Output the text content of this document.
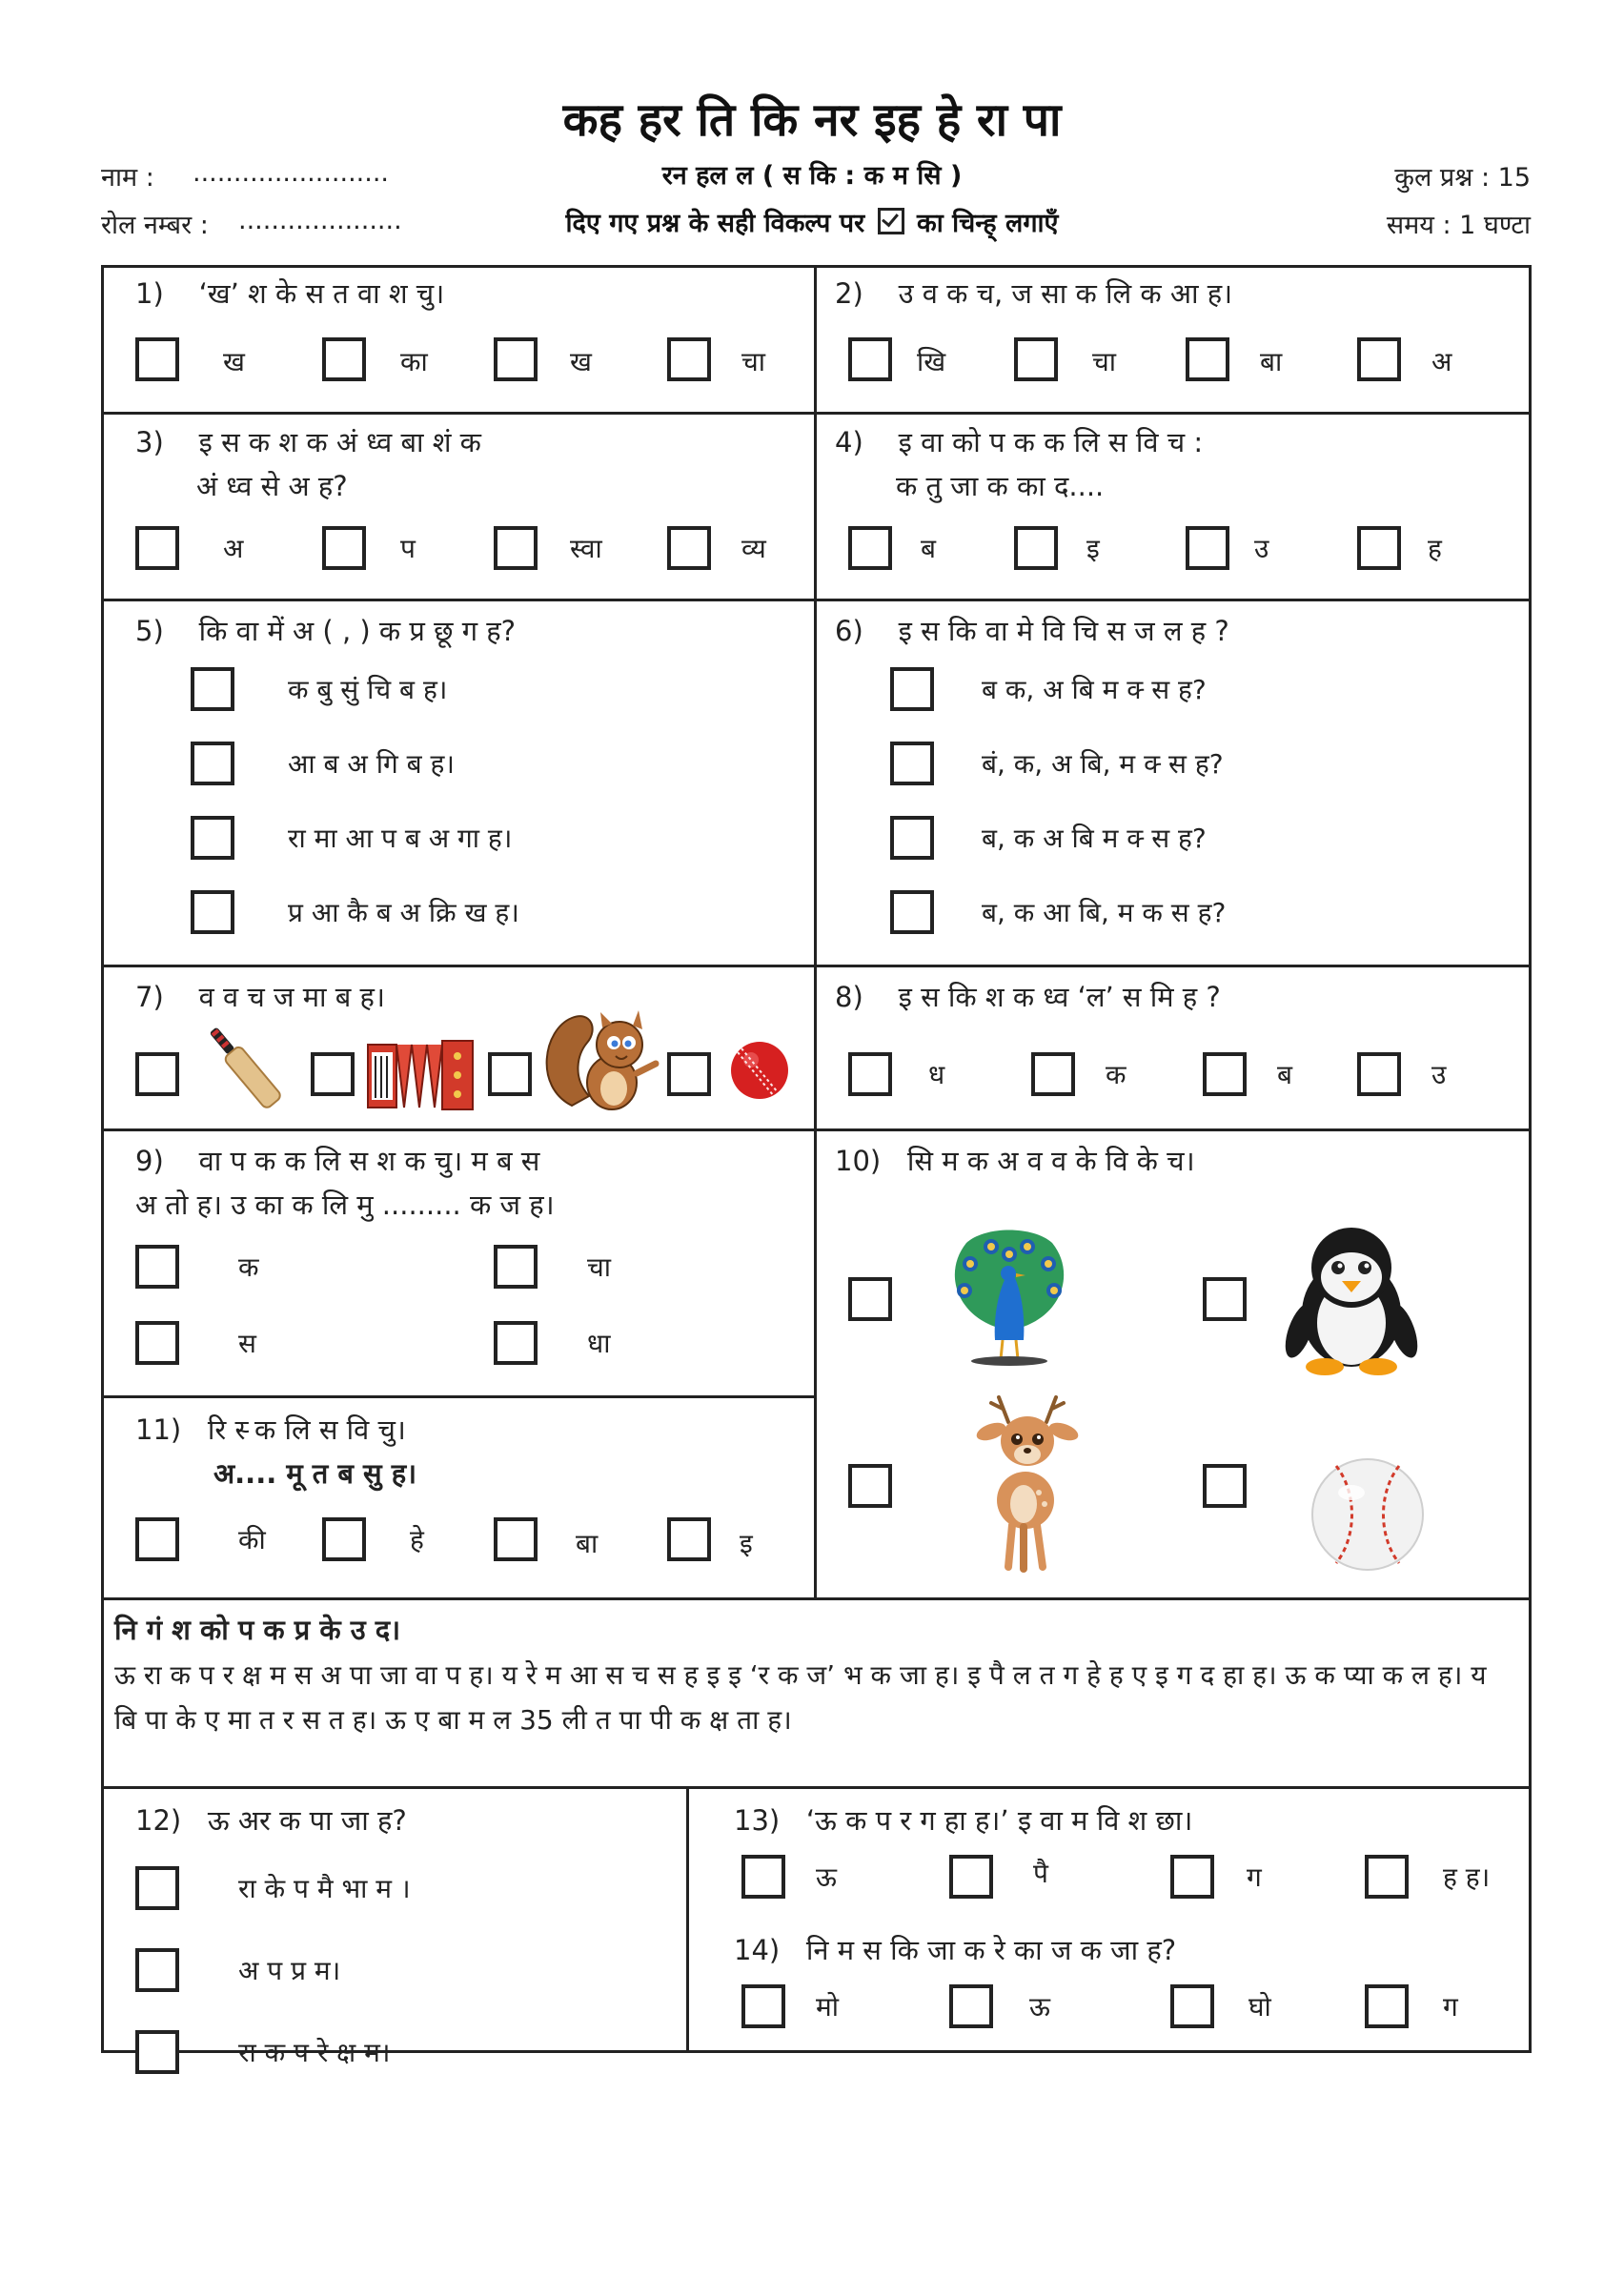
कह हर ति कि नर इह हे रा पा
नाम : ........................
रोल नम्बर : ....................
रन हल ल ( स कि : क म सि )
दिए गए प्रश्न के सही विकल्प पर का चिन्ह् लगाएँ
कुल प्रश्न : 15
समय : 1 घण्टा
1) ‘ख’ श के स त वा श चु।
ख	का	ख	चा
2) उ व क च, ज सा क लि क आ ह।
खि	चा	बा	अ
3) इ स क श क अं ध्व बा शं क
अं ध्व से अ ह?
अ	प	स्वा	व्य
4) इ वा को प क क लि स वि च :
क तु जा क का द....
ब	इ	उ	ह
5) कि वा में अ ( , ) क प्र छू ग ह?
क बु सुं चि ब ह।
आ ब अ गि ब ह।
रा मा आ प ब अ गा ह।
प्र आ कै ब अ क्रि ख ह।
6) इ स कि वा मे वि चि स ज ल ह ?
ब क, अ बि म क्‍ स ह?
बं, क, अ बि, म क्‍ स ह?
ब, क अ बि म क्‍ स ह?
ब, क आ बि, म क स ह?
7) व व च ज मा ब ह।	8) इ स कि श क ध्व ‘ल’ स मि ह ?
ध	क	ब	उ
9) वा प क क लि स श क चु। म ब स
अ तो ह। उ का क लि मु ......... क ज ह।
क	चा
स	धा
10) सि म क अ व व के वि के च।
11) रि स्‍ क लि स वि चु।
अ.... मू त ब सु ह।
की	हे	बा	इ
नि गं श को प क प्र के उ द।
ऊ रा क प र क्ष म स अ पा जा वा प ह। य रे म आ स च स ह इ इ ‘र क ज’ भ क जा ह। इ पै ल त ग हे ह ए इ ग द हा ह। ऊ क प्या क ल ह। य
बि पा के ए मा त र स त ह। ऊ ए बा म ल 35 ली त पा पी क क्ष ता ह।
12) ऊ अर क पा जा ह?
रा के प मै भा म ।
अ प प्र म।
रा क प रे क्ष म।
13) ‘ऊ क प र ग हा ह।’ इ वा म वि श छा।
ऊ	पै	ग	ह ह।
14) नि म स कि जा क रे का ज क जा ह?
मो	ऊ	घो	ग
